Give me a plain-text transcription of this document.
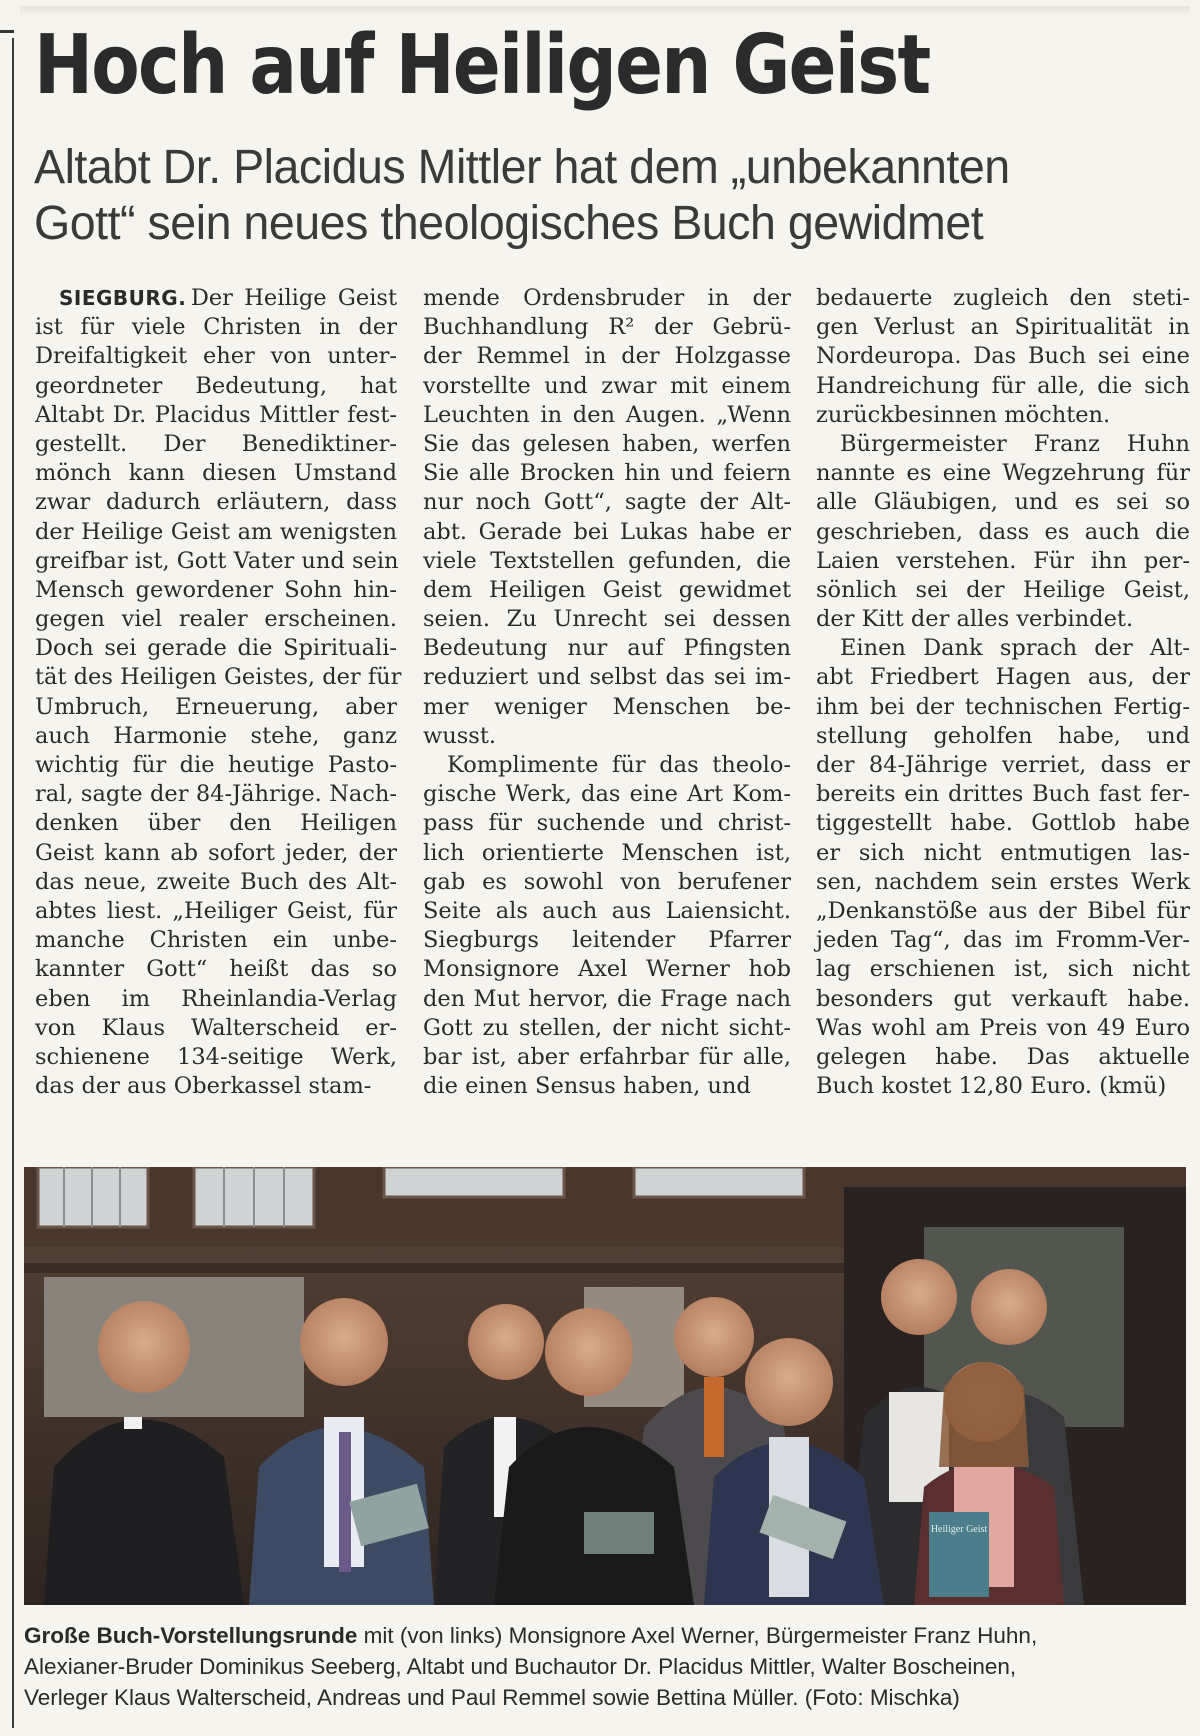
Hoch auf Heiligen Geist
Altabt Dr. Placidus Mittler hat dem „unbekannten
Gott“ sein neues theologisches Buch gewidmet
SIEGBURG.  Der Heilige Geist
ist für viele Christen in der
Dreifaltigkeit eher von unter-
geordneter Bedeutung, hat
Altabt Dr. Placidus Mittler fest-
gestellt. Der Benediktiner-
mönch kann diesen Umstand
zwar dadurch erläutern, dass
der Heilige Geist am wenigsten
greifbar ist, Gott Vater und sein
Mensch gewordener Sohn hin-
gegen viel realer erscheinen.
Doch sei gerade die Spirituali-
tät des Heiligen Geistes, der für
Umbruch, Erneuerung, aber
auch Harmonie stehe, ganz
wichtig für die heutige Pasto-
ral, sagte der 84-Jährige. Nach-
denken über den Heiligen
Geist kann ab sofort jeder, der
das neue, zweite Buch des Alt-
abtes liest. „Heiliger Geist, für
manche Christen ein unbe-
kannter Gott“ heißt das so
eben im Rheinlandia-Verlag
von Klaus Walterscheid er-
schienene 134-seitige Werk,
das der aus Oberkassel stam-
mende Ordensbruder in der
Buchhandlung R² der Gebrü-
der Remmel in der Holzgasse
vorstellte und zwar mit einem
Leuchten in den Augen. „Wenn
Sie das gelesen haben, werfen
Sie alle Brocken hin und feiern
nur noch Gott“, sagte der Alt-
abt. Gerade bei Lukas habe er
viele Textstellen gefunden, die
dem Heiligen Geist gewidmet
seien. Zu Unrecht sei dessen
Bedeutung nur auf Pfingsten
reduziert und selbst das sei im-
mer weniger Menschen be-
wusst.
Komplimente für das theolo-
gische Werk, das eine Art Kom-
pass für suchende und christ-
lich orientierte Menschen ist,
gab es sowohl von berufener
Seite als auch aus Laiensicht.
Siegburgs leitender Pfarrer
Monsignore Axel Werner hob
den Mut hervor, die Frage nach
Gott zu stellen, der nicht sicht-
bar ist, aber erfahrbar für alle,
die einen Sensus haben, und
bedauerte zugleich den steti-
gen Verlust an Spiritualität in
Nordeuropa. Das Buch sei eine
Handreichung für alle, die sich
zurückbesinnen möchten.
Bürgermeister Franz Huhn
nannte es eine Wegzehrung für
alle Gläubigen, und es sei so
geschrieben, dass es auch die
Laien verstehen. Für ihn per-
sönlich sei der Heilige Geist,
der Kitt der alles verbindet.
Einen Dank sprach der Alt-
abt Friedbert Hagen aus, der
ihm bei der technischen Fertig-
stellung geholfen habe, und
der 84-Jährige verriet, dass er
bereits ein drittes Buch fast fer-
tiggestellt habe. Gottlob habe
er sich nicht entmutigen las-
sen, nachdem sein erstes Werk
„Denkanstöße aus der Bibel für
jeden Tag“, das im Fromm-Ver-
lag erschienen ist, sich nicht
besonders gut verkauft habe.
Was wohl am Preis von 49 Euro
gelegen habe. Das aktuelle
Buch kostet 12,80 Euro. (kmü)
Heiliger Geist
Große Buch-Vorstellungsrunde mit (von links) Monsignore Axel Werner, Bürgermeister Franz Huhn,
Alexianer-Bruder Dominikus Seeberg, Altabt und Buchautor Dr. Placidus Mittler, Walter Boscheinen,
Verleger Klaus Walterscheid, Andreas und Paul Remmel sowie Bettina Müller. (Foto: Mischka)
